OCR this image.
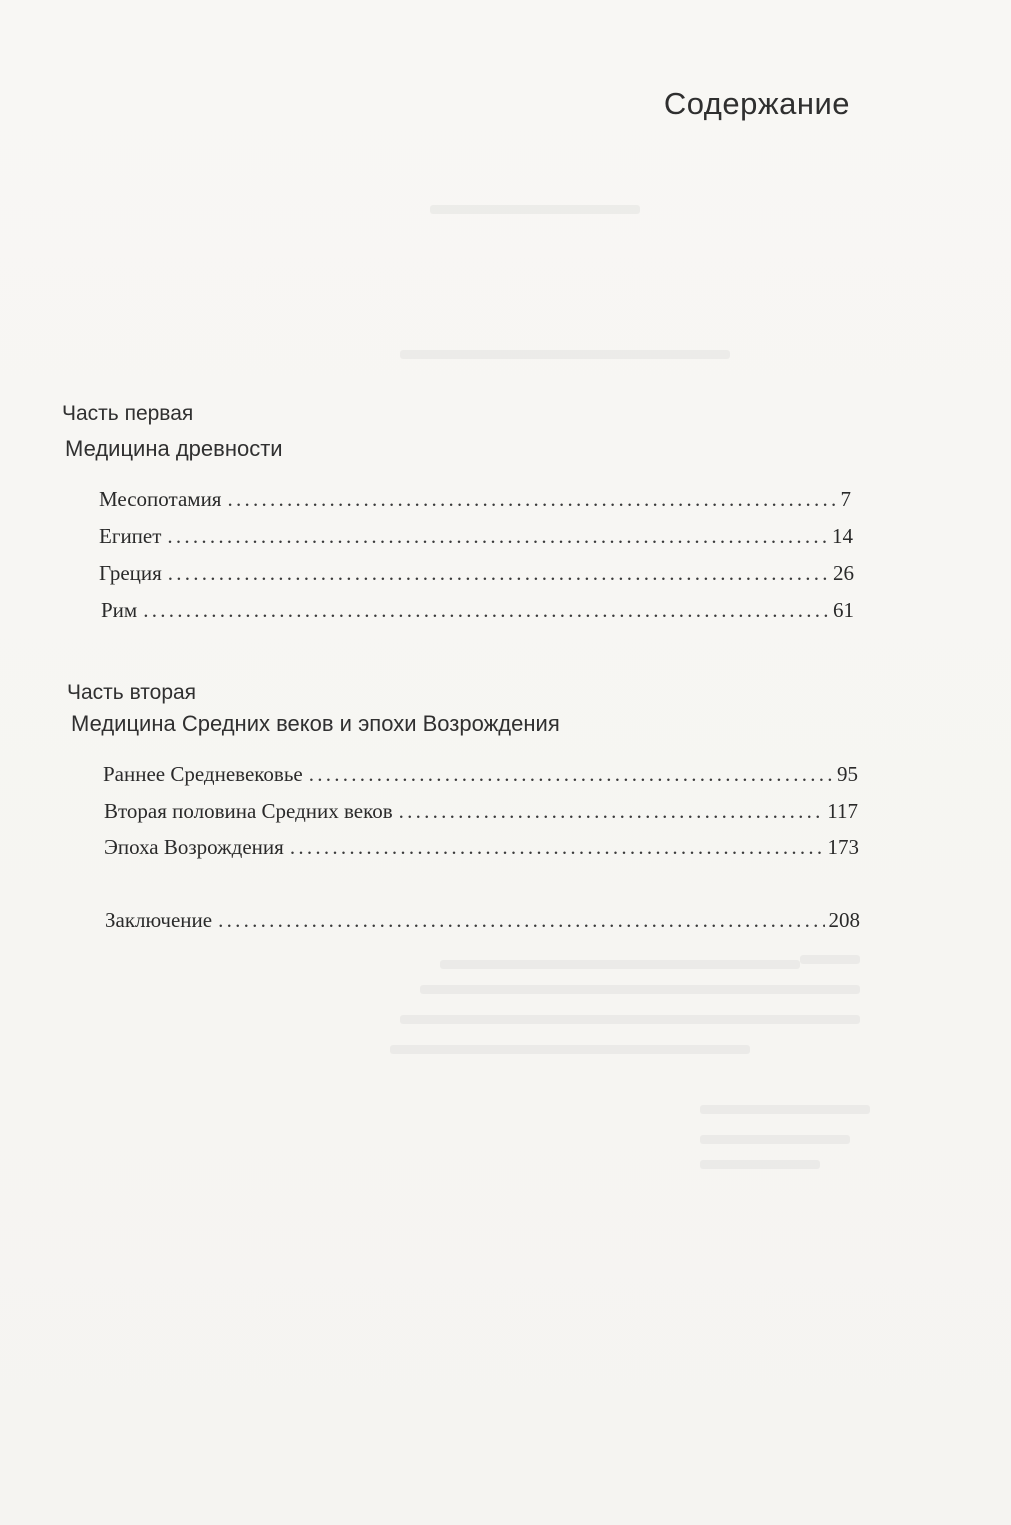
Содержание
Часть первая
Медицина древности
Месопотамия . . .	7
Египет . . .	14
Греция . . .	26
Рим . . .	61
Часть вторая
Медицина Средних веков и эпохи Возрождения
Раннее Средневековье . . .	95
Вторая половина Средних веков . . .	117
Эпоха Возрождения . . .	173
Заключение . . .	208
